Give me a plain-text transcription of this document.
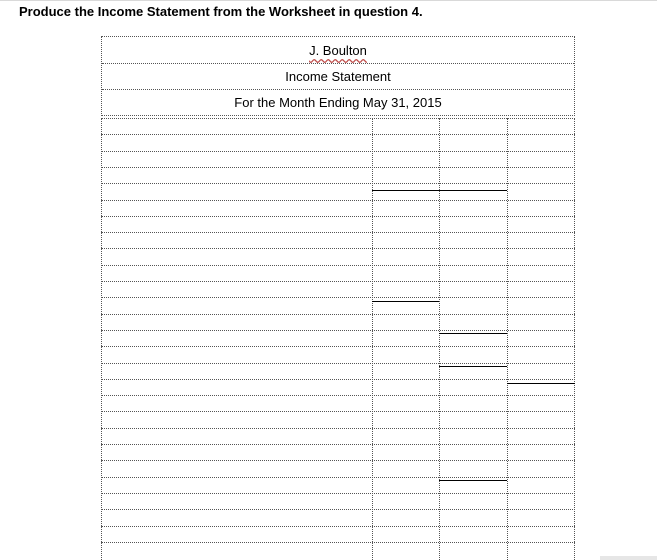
Produce the Income Statement from the Worksheet in question 4.
J. Boulton
Income Statement
For the Month Ending May 31, 2015
